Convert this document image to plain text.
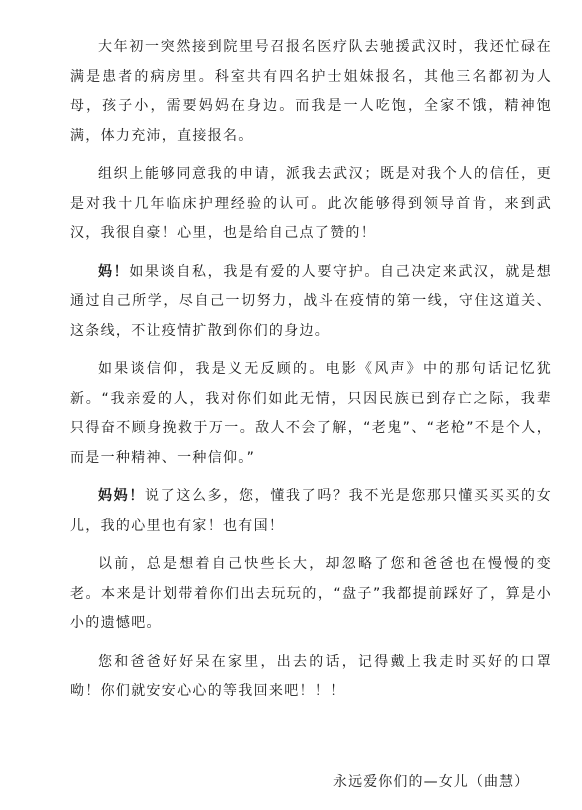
大年初一突然接到院里号召报名医疗队去驰援武汉时，我还忙碌在满是患者的病房里。科室共有四名护士姐妹报名，其他三名都初为人母，孩子小，需要妈妈在身边。而我是一人吃饱，全家不饿，精神饱满，体力充沛，直接报名。

组织上能够同意我的申请，派我去武汉；既是对我个人的信任，更是对我十几年临床护理经验的认可。此次能够得到领导首肯，来到武汉，我很自豪！心里，也是给自己点了赞的！

妈！如果谈自私，我是有爱的人要守护。自己决定来武汉，就是想通过自己所学，尽自己一切努力，战斗在疫情的第一线，守住这道关、这条线，不让疫情扩散到你们的身边。

如果谈信仰，我是义无反顾的。电影《风声》中的那句话记忆犹新。“我亲爱的人，我对你们如此无情，只因民族已到存亡之际，我辈只得奋不顾身挽救于万一。敌人不会了解，“老鬼”、“老枪”不是个人，而是一种精神、一种信仰。”

妈妈！说了这么多，您，懂我了吗？我不光是您那只懂买买买的女儿，我的心里也有家！也有国！

以前，总是想着自己快些长大，却忽略了您和爸爸也在慢慢的变老。本来是计划带着你们出去玩玩的，“盘子”我都提前踩好了，算是小小的遗憾吧。

您和爸爸好好呆在家里，出去的话，记得戴上我走时买好的口罩呦！你们就安安心心的等我回来吧！！！

永远爱你们的—女儿（曲慧）
